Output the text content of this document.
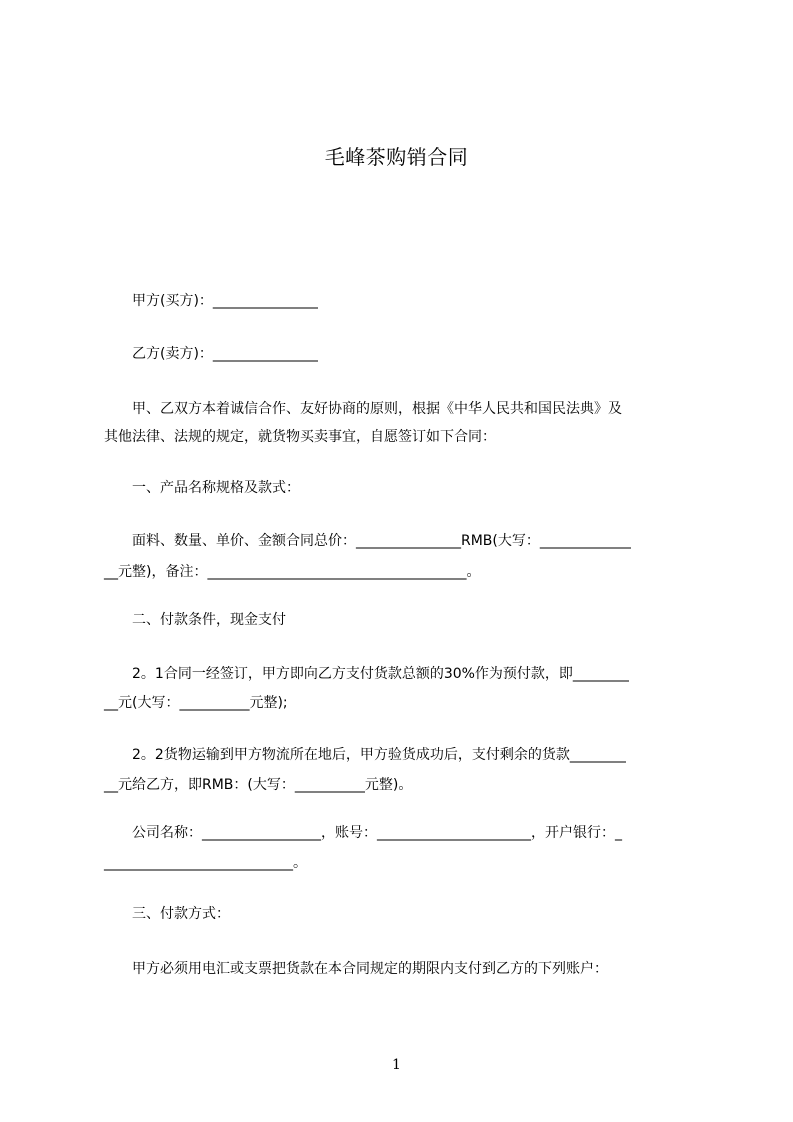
毛峰茶购销合同
　　甲方(买方)：_______________
　　乙方(卖方)：_______________
　　甲、乙双方本着诚信合作、友好协商的原则，根据《中华人民共和国民法典》及
其他法律、法规的规定，就货物买卖事宜，自愿签订如下合同：
　　一、产品名称规格及款式：
　　面料、数量、单价、金额合同总价：_______________RMB(大写：_____________
__元整)，备注：_____________________________________。
　　二、付款条件，现金支付
　　2。1合同一经签订，甲方即向乙方支付货款总额的30%作为预付款，即________
__元(大写：__________元整);
　　2。2货物运输到甲方物流所在地后，甲方验货成功后，支付剩余的货款________
__元给乙方，即RMB：(大写：__________元整)。
　　公司名称：_________________，账号：______________________，开户银行：_
___________________________。
　　三、付款方式：
　　甲方必须用电汇或支票把货款在本合同规定的期限内支付到乙方的下列账户：
1
